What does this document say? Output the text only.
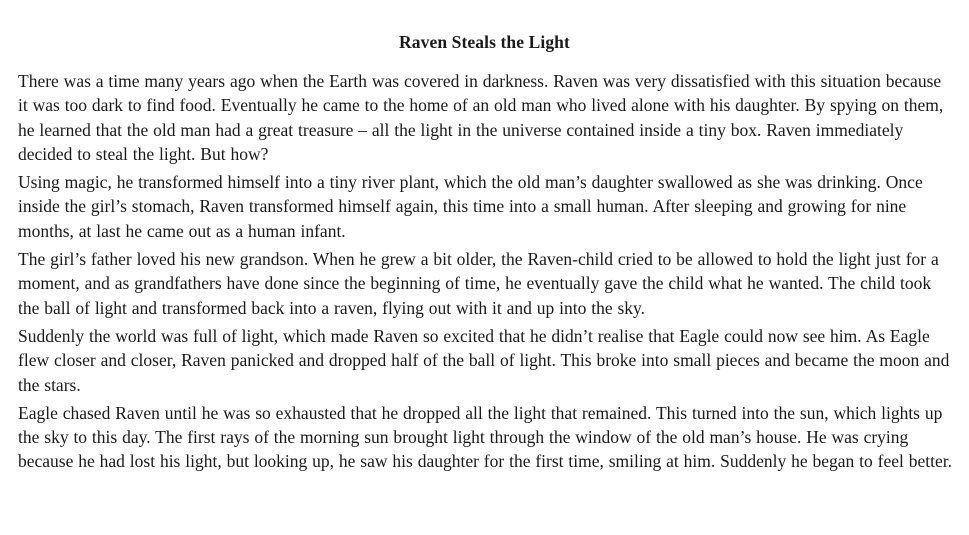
Raven Steals the Light

There was a time many years ago when the Earth was covered in darkness. Raven was very dissatisfied with this situation because it was too dark to find food. Eventually he came to the home of an old man who lived alone with his daughter. By spying on them, he learned that the old man had a great treasure – all the light in the universe contained inside a tiny box. Raven immediately decided to steal the light. But how?

Using magic, he transformed himself into a tiny river plant, which the old man’s daughter swallowed as she was drinking. Once inside the girl’s stomach, Raven transformed himself again, this time into a small human. After sleeping and growing for nine months, at last he came out as a human infant.

The girl’s father loved his new grandson. When he grew a bit older, the Raven-child cried to be allowed to hold the light just for a moment, and as grandfathers have done since the beginning of time, he eventually gave the child what he wanted. The child took the ball of light and transformed back into a raven, flying out with it and up into the sky.

Suddenly the world was full of light, which made Raven so excited that he didn’t realise that Eagle could now see him. As Eagle flew closer and closer, Raven panicked and dropped half of the ball of light. This broke into small pieces and became the moon and the stars.

Eagle chased Raven until he was so exhausted that he dropped all the light that remained. This turned into the sun, which lights up the sky to this day. The first rays of the morning sun brought light through the window of the old man’s house. He was crying because he had lost his light, but looking up, he saw his daughter for the first time, smiling at him. Suddenly he began to feel better.
